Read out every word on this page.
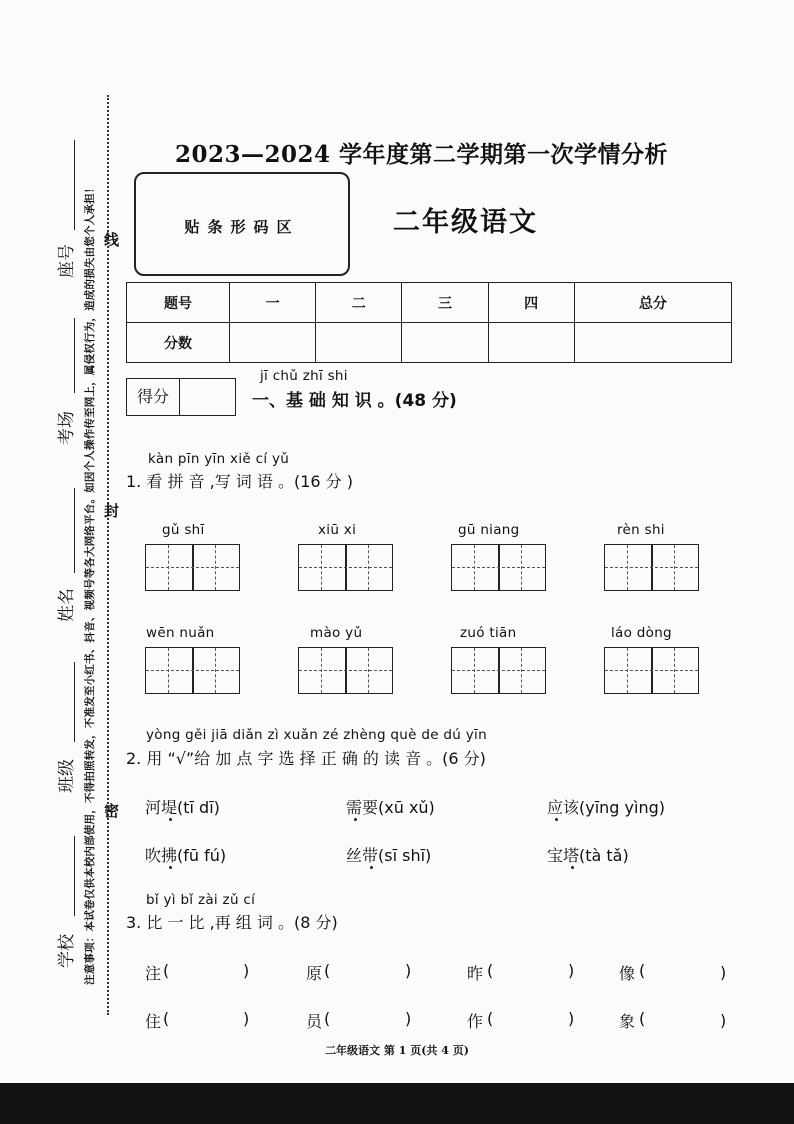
座号
考场
姓名
班级
学校 注意事项：本试卷仅供本校内部使用，不得拍照转发，不准发至小红书、抖音、视频号等各大网络平台。如因个人操作传至网上，属侵权行为，造成的损失由您个人承担！ 线
封
密
2023—2024 学年度第二学期第一次学情分析
贴条形码区	二年级语文
题号	一	二	三	四	总分
分数					
得分
jī chǔ zhī shi
一、基 础 知 识 。(48 分)
kàn pīn yīn xiě cí yǔ
1. 看 拼 音 ,写 词 语 。(16 分 )
gǔ shī	xiū xi	gū niang	rèn shi
wēn nuǎn	mào yǔ	zuó tiān	láo dòng
yòng gěi jiā diǎn zì xuǎn zé zhèng què de dú yīn
2. 用 “√”给 加 点 字 选 择 正 确 的 读 音 。(6 分)
河堤(tī dī)	需要(xū xǔ)	应该(yīng yìng)
吹拂(fū fú)	丝带(sī shī)	宝塔(tà tǎ)
bǐ yì bǐ zài zǔ cí
3. 比 一 比 ,再 组 词 。(8 分)
注 (	)	原 (	)	昨 (	)	像 (	)
住 (	)	员 (	)	作 (	)	象 (	)
二年级语文 第 1 页(共 4 页)
